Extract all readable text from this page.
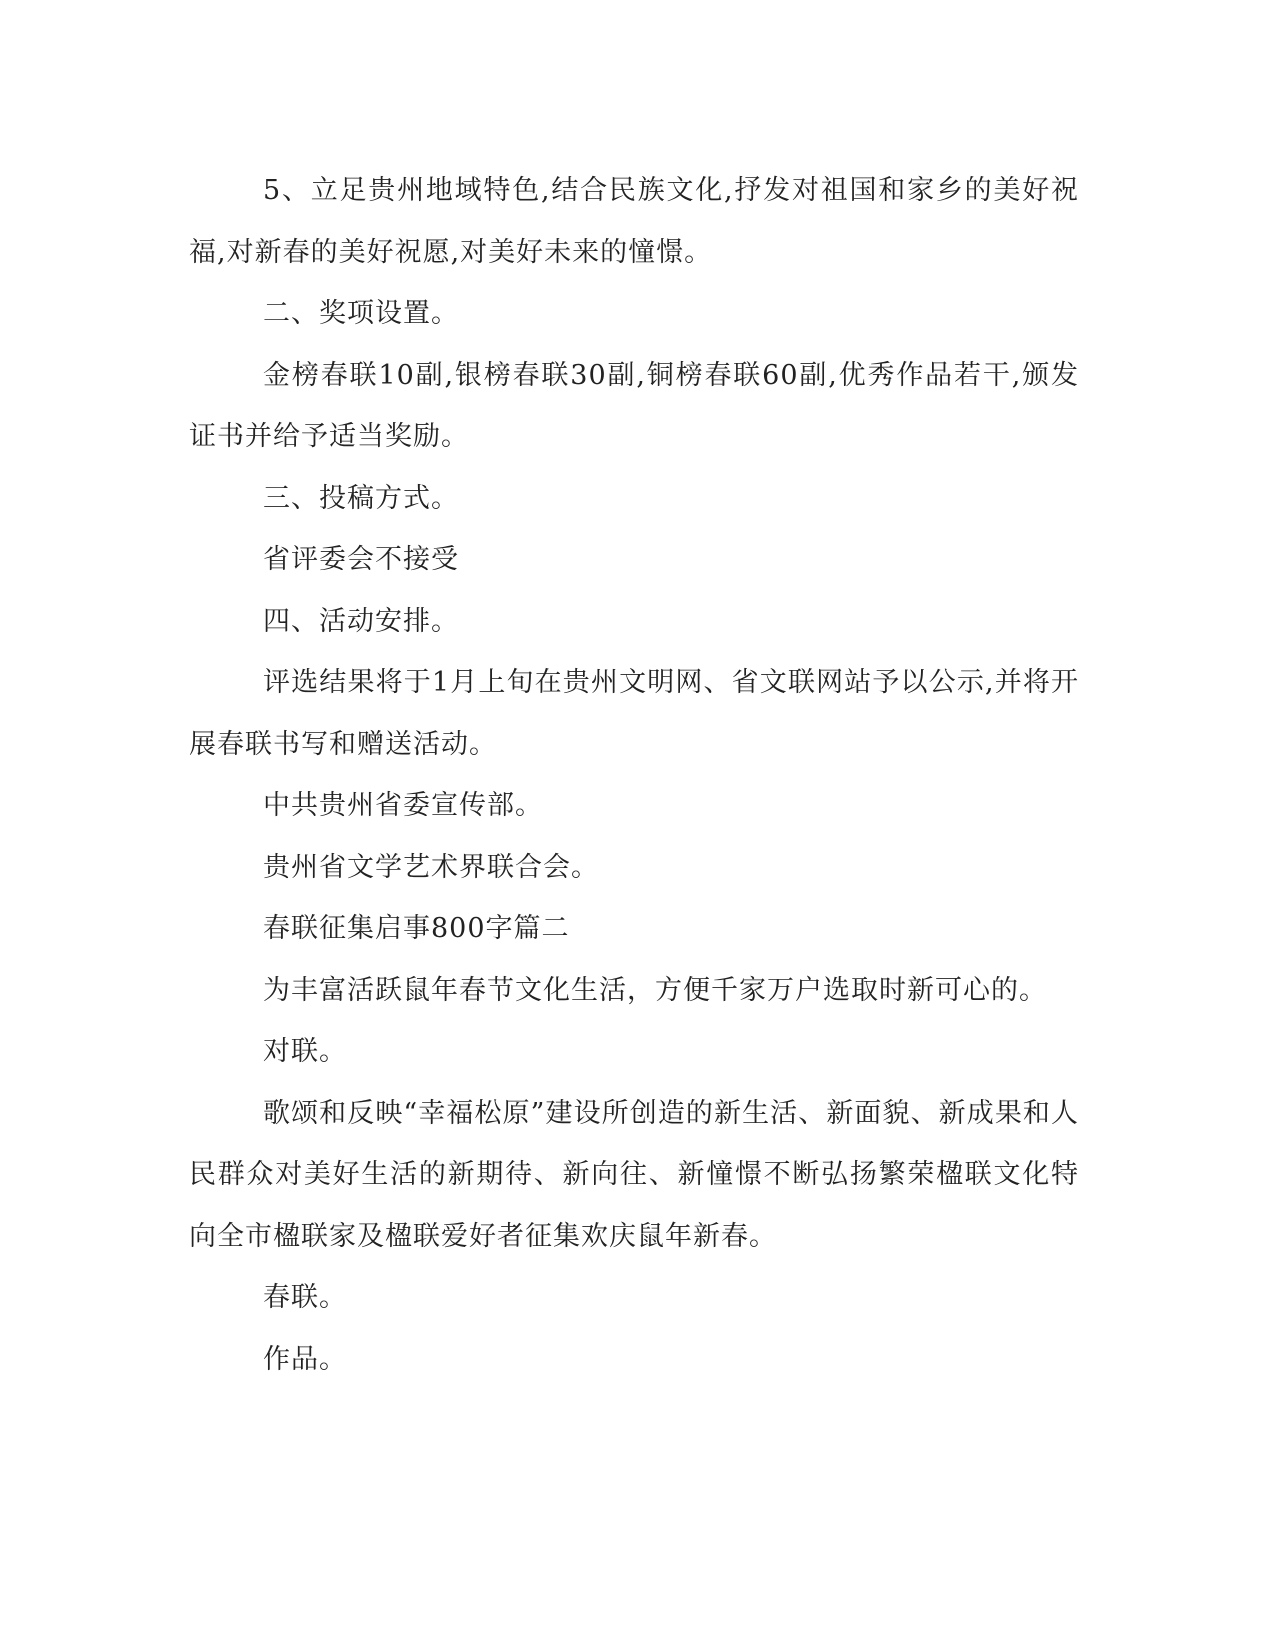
5、立足贵州地域特色,结合民族文化,抒发对祖国和家乡的美好祝福,对新春的美好祝愿,对美好未来的憧憬。

二、奖项设置。

金榜春联10副,银榜春联30副,铜榜春联60副,优秀作品若干,颁发证书并给予适当奖励。

三、投稿方式。

省评委会不接受

四、活动安排。

评选结果将于1月上旬在贵州文明网、省文联网站予以公示,并将开展春联书写和赠送活动。

中共贵州省委宣传部。

贵州省文学艺术界联合会。

春联征集启事800字篇二

为丰富活跃鼠年春节文化生活，方便千家万户选取时新可心的。

对联。

歌颂和反映“幸福松原”建设所创造的新生活、新面貌、新成果和人民群众对美好生活的新期待、新向往、新憧憬不断弘扬繁荣楹联文化特向全市楹联家及楹联爱好者征集欢庆鼠年新春。

春联。

作品。
